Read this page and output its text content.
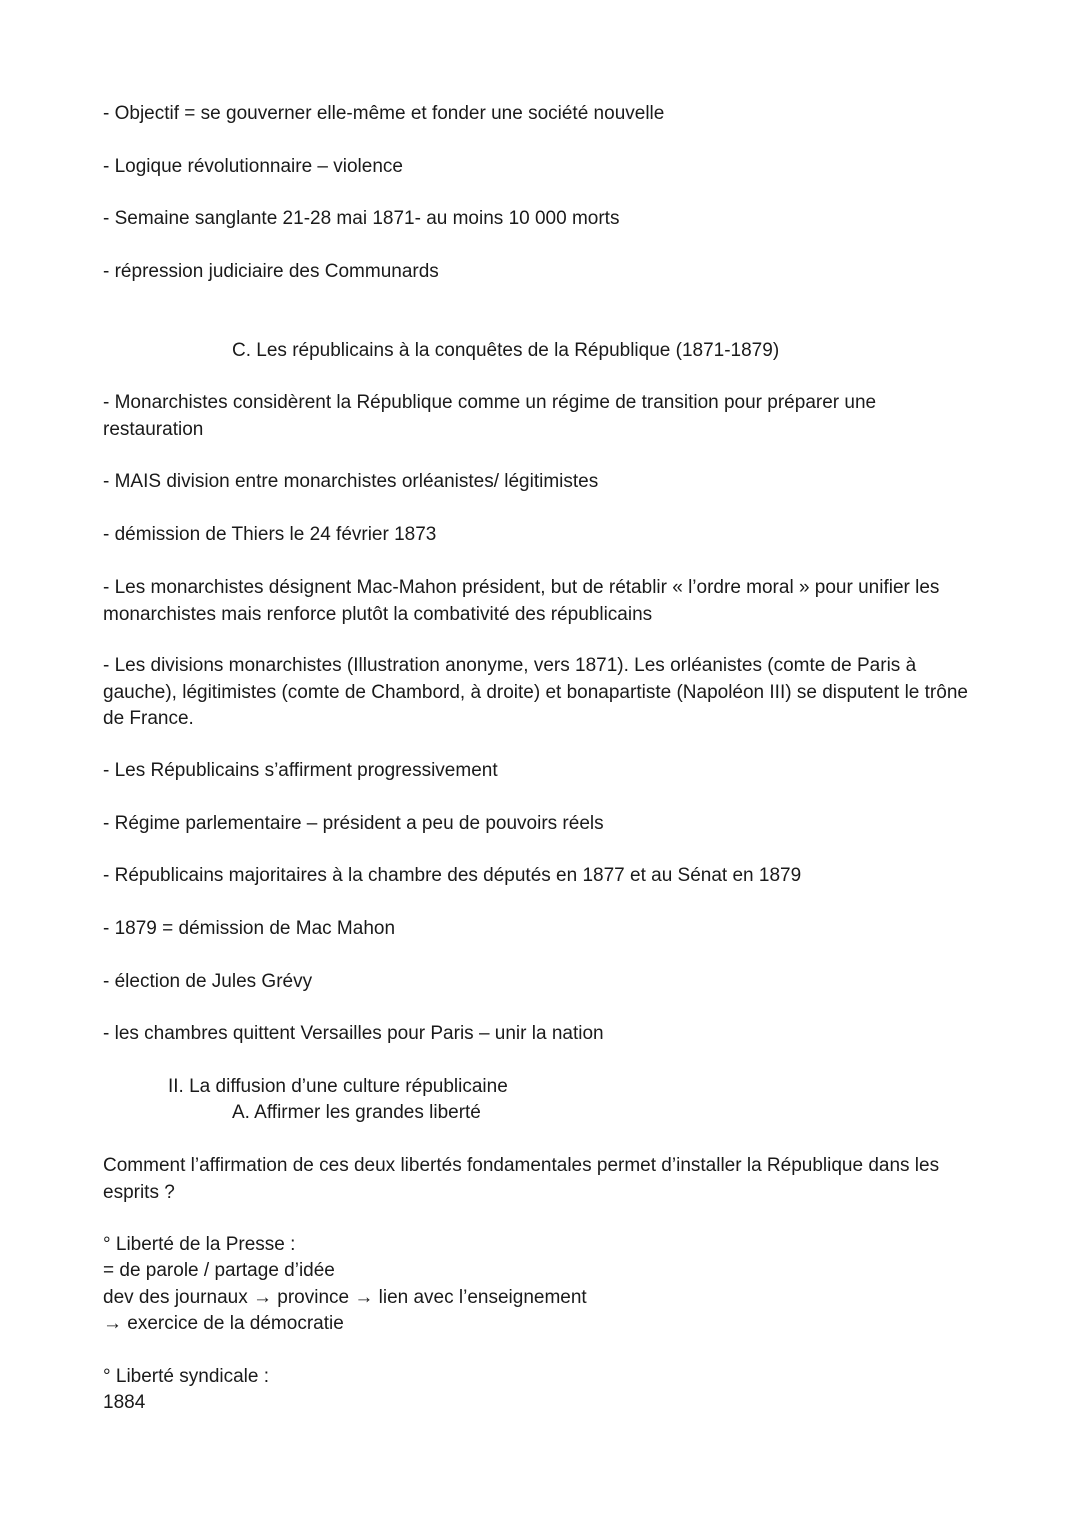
- Objectif = se gouverner elle-même et fonder une société nouvelle

- Logique révolutionnaire – violence

- Semaine sanglante 21-28 mai 1871- au moins 10 000 morts

- répression judiciaire des Communards

C. Les républicains à la conquêtes de la République (1871-1879)

- Monarchistes considèrent la République comme un régime de transition pour préparer une restauration

- MAIS division entre monarchistes orléanistes/ légitimistes

- démission de Thiers le 24 février 1873

- Les monarchistes désignent Mac-Mahon président, but de rétablir « l’ordre moral » pour unifier les monarchistes mais renforce plutôt la combativité des républicains

- Les divisions monarchistes (Illustration anonyme, vers 1871). Les orléanistes (comte de Paris à gauche), légitimistes (comte de Chambord, à droite) et bonapartiste (Napoléon III) se disputent le trône de France.

- Les Républicains s’affirment progressivement

- Régime parlementaire – président a peu de pouvoirs réels

- Républicains majoritaires à la chambre des députés en 1877 et au Sénat en 1879

- 1879 = démission de Mac Mahon

- élection de Jules Grévy

- les chambres quittent Versailles pour Paris – unir la nation

II. La diffusion d’une culture républicaine

A. Affirmer les grandes liberté

Comment l’affirmation de ces deux libertés fondamentales permet d’installer la République dans les esprits ?

° Liberté de la Presse :

= de parole / partage d’idée

dev des journaux → province → lien avec l’enseignement

→ exercice de la démocratie

° Liberté syndicale :

1884
